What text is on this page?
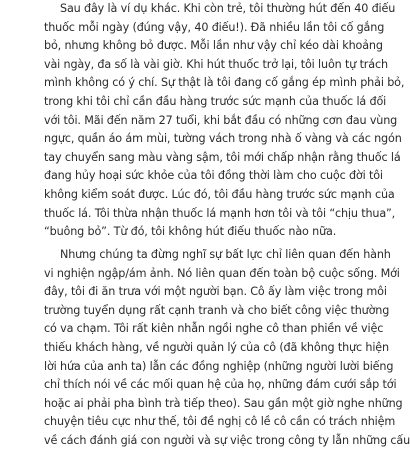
Sau đây là ví dụ khác. Khi còn trẻ, tôi thường hút đến 40 điếu
thuốc mỗi ngày (đúng vậy, 40 điếu!). Đã nhiều lần tôi cố gắng
bỏ, nhưng không bỏ được. Mỗi lần như vậy chỉ kéo dài khoảng
vài ngày, đa số là vài giờ. Khi hút thuốc trở lại, tôi luôn tự trách
mình không có ý chí. Sự thật là tôi đang cố gắng ép mình phải bỏ,
trong khi tôi chỉ cần đầu hàng trước sức mạnh của thuốc lá đối
với tôi. Mãi đến năm 27 tuổi, khi bắt đầu có những cơn đau vùng
ngực, quần áo ám mùi, tường vách trong nhà ố vàng và các ngón
tay chuyển sang màu vàng sậm, tôi mới chấp nhận rằng thuốc lá
đang hủy hoại sức khỏe của tôi đồng thời làm cho cuộc đời tôi
không kiểm soát được. Lúc đó, tôi đầu hàng trước sức mạnh của
thuốc lá. Tôi thừa nhận thuốc lá mạnh hơn tôi và tôi “chịu thua”,
“buông bỏ”. Từ đó, tôi không hút điếu thuốc nào nữa.
Nhưng chúng ta đừng nghĩ sự bất lực chỉ liên quan đến hành
vi nghiện ngập/ám ảnh. Nó liên quan đến toàn bộ cuộc sống. Mới
đây, tôi đi ăn trưa với một người bạn. Cô ấy làm việc trong môi
trường tuyển dụng rất cạnh tranh và cho biết công việc thường
có va chạm. Tôi rất kiên nhẫn ngồi nghe cô than phiền về việc
thiếu khách hàng, về người quản lý của cô (đã không thực hiện
lời hứa của anh ta) lẫn các đồng nghiệp (những người lười biếng
chỉ thích nói về các mối quan hệ của họ, những đám cưới sắp tới
hoặc ai phải pha bình trà tiếp theo). Sau gần một giờ nghe những
chuyện tiêu cực như thế, tôi đề nghị cô lề cô cần có trách nhiệm
về cách đánh giá con người và sự việc trong công ty lẫn những cấu
